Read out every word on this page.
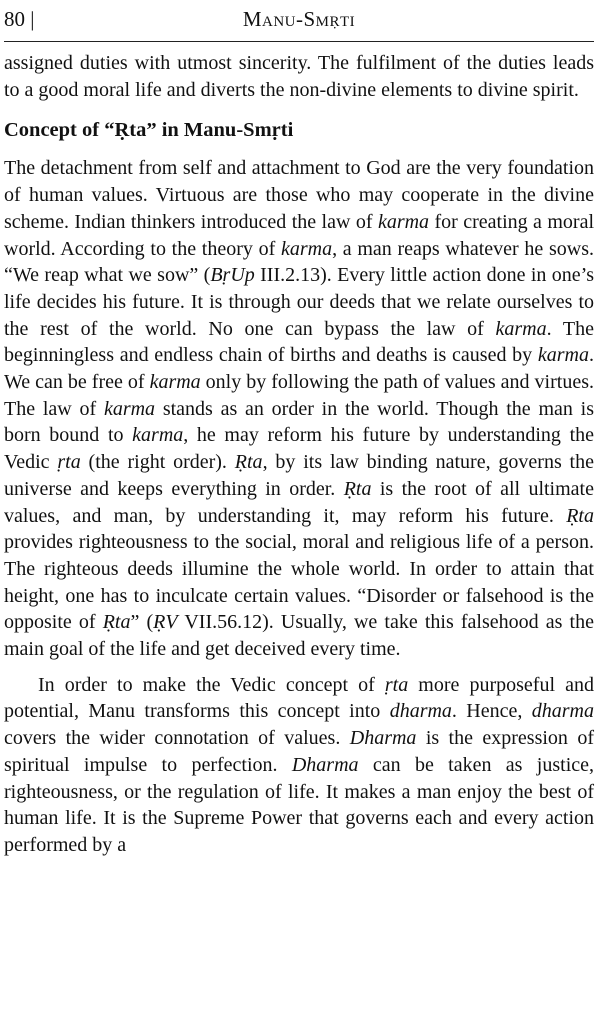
80 |	Manu-Smṛti

assigned duties with utmost sincerity. The fulfilment of the duties leads to a good moral life and diverts the non-divine elements to divine spirit.

Concept of “Ṛta” in Manu-Smṛti

The detachment from self and attachment to God are the very foundation of human values. Virtuous are those who may cooperate in the divine scheme. Indian thinkers introduced the law of karma for creating a moral world. According to the theory of karma, a man reaps whatever he sows. “We reap what we sow” (BṛUp III.2.13). Every little action done in one’s life decides his future. It is through our deeds that we relate ourselves to the rest of the world. No one can bypass the law of karma. The beginningless and endless chain of births and deaths is caused by karma. We can be free of karma only by following the path of values and virtues. The law of karma stands as an order in the world. Though the man is born bound to karma, he may reform his future by understanding the Vedic ṛta (the right order). Ṛta, by its law binding nature, governs the universe and keeps everything in order. Ṛta is the root of all ultimate values, and man, by understanding it, may reform his future. Ṛta provides righteousness to the social, moral and religious life of a person. The righteous deeds illumine the whole world. In order to attain that height, one has to inculcate certain values. “Disorder or falsehood is the opposite of Ṛta” (ṚV VII.56.12). Usually, we take this falsehood as the main goal of the life and get deceived every time.

In order to make the Vedic concept of ṛta more purposeful and potential, Manu transforms this concept into dharma. Hence, dharma covers the wider connotation of values. Dharma is the expression of spiritual impulse to perfection. Dharma can be taken as justice, righteousness, or the regulation of life. It makes a man enjoy the best of human life. It is the Supreme Power that governs each and every action performed by a
